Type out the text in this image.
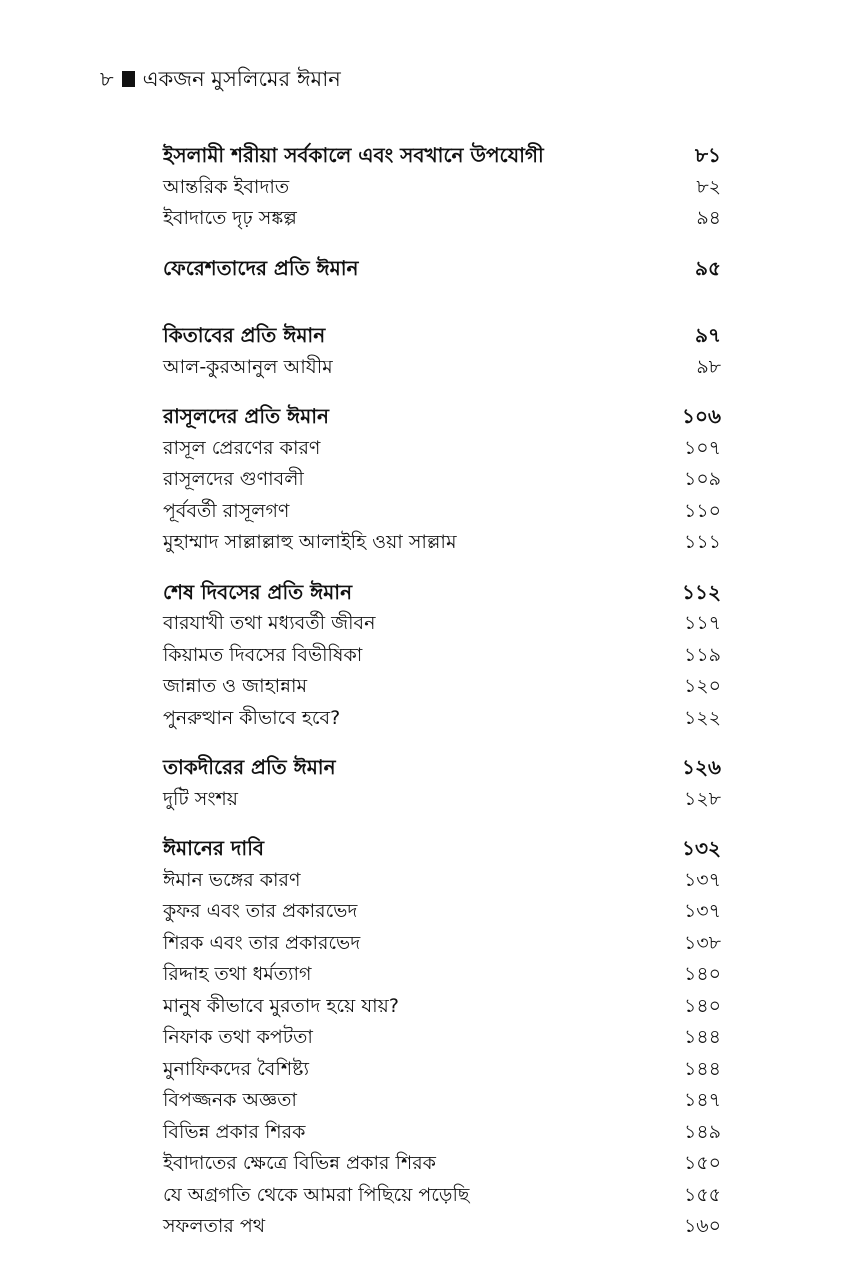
৮ একজন মুসলিমের ঈমান
ইসলামী শরীয়া সর্বকালে এবং সবখানে উপযোগী	৮১
আন্তরিক ইবাদাত	৮২
ইবাদাতে দৃঢ় সঙ্কল্প	৯৪
ফেরেশতাদের প্রতি ঈমান	৯৫
কিতাবের প্রতি ঈমান	৯৭
আল-কুরআনুল আযীম	৯৮
রাসূলদের প্রতি ঈমান	১০৬
রাসূল প্রেরণের কারণ	১০৭
রাসূলদের গুণাবলী	১০৯
পূর্ববর্তী রাসূলগণ	১১০
মুহাম্মাদ সাল্লাল্লাহু আলাইহি ওয়া সাল্লাম	১১১
শেষ দিবসের প্রতি ঈমান	১১২
বারযাখী তথা মধ্যবর্তী জীবন	১১৭
কিয়ামত দিবসের বিভীষিকা	১১৯
জান্নাত ও জাহান্নাম	১২০
পুনরুত্থান কীভাবে হবে?	১২২
তাকদীরের প্রতি ঈমান	১২৬
দুটি সংশয়	১২৮
ঈমানের দাবি	১৩২
ঈমান ভঙ্গের কারণ	১৩৭
কুফর এবং তার প্রকারভেদ	১৩৭
শিরক এবং তার প্রকারভেদ	১৩৮
রিদ্দাহ তথা ধর্মত্যাগ	১৪০
মানুষ কীভাবে মুরতাদ হয়ে যায়?	১৪০
নিফাক তথা কপটতা	১৪৪
মুনাফিকদের বৈশিষ্ট্য	১৪৪
বিপজ্জনক অজ্ঞতা	১৪৭
বিভিন্ন প্রকার শিরক	১৪৯
ইবাদাতের ক্ষেত্রে বিভিন্ন প্রকার শিরক	১৫০
যে অগ্রগতি থেকে আমরা পিছিয়ে পড়েছি	১৫৫
সফলতার পথ	১৬০
